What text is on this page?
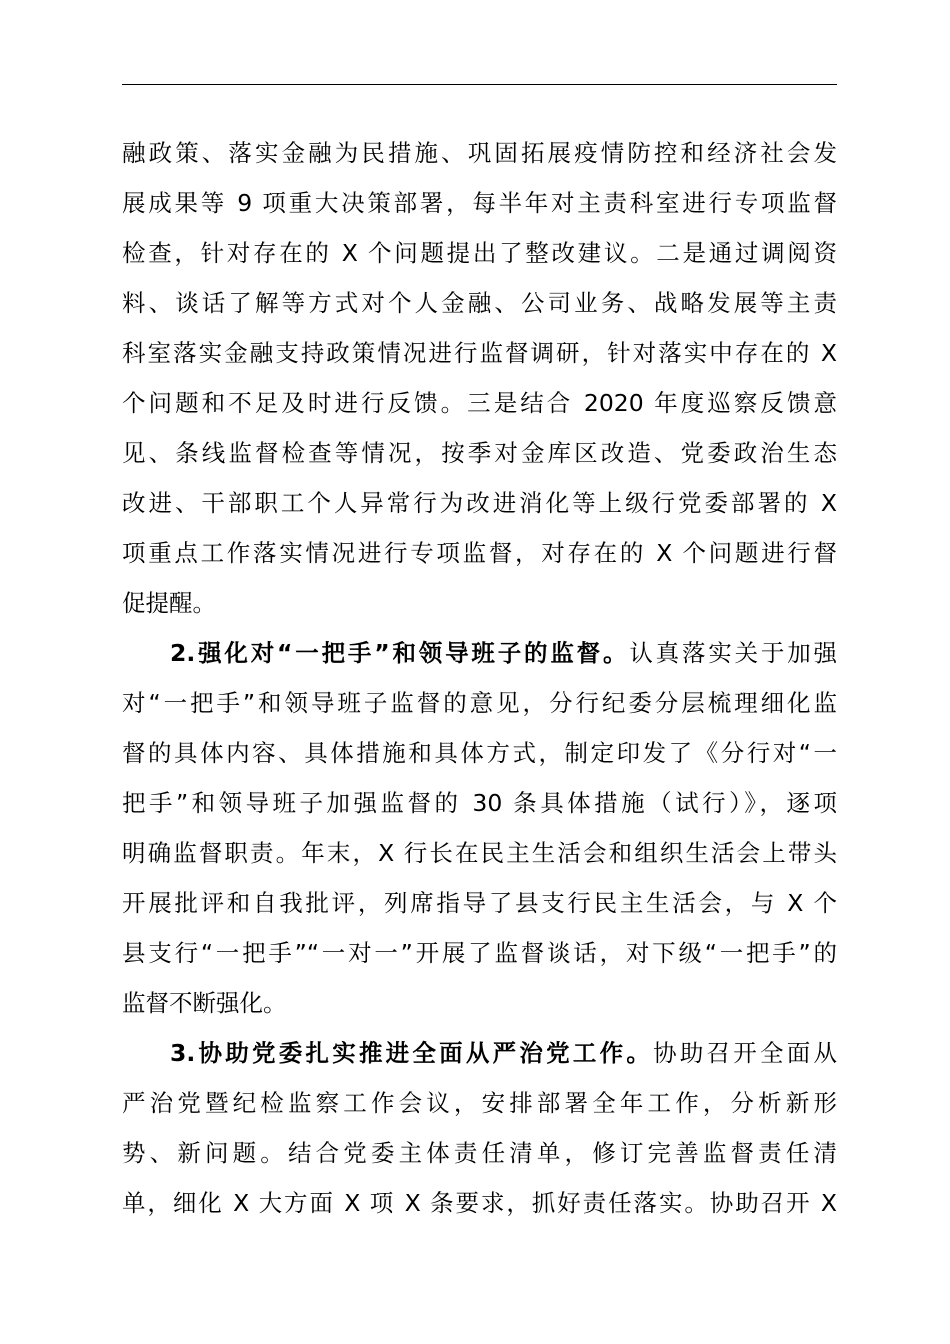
融政策、落实金融为民措施、巩固拓展疫情防控和经济社会发
展成果等 9 项重大决策部署，每半年对主责科室进行专项监督
检查，针对存在的 X 个问题提出了整改建议。二是通过调阅资
料、谈话了解等方式对个人金融、公司业务、战略发展等主责
科室落实金融支持政策情况进行监督调研，针对落实中存在的 X
个问题和不足及时进行反馈。三是结合 2020 年度巡察反馈意
见、条线监督检查等情况，按季对金库区改造、党委政治生态
改进、干部职工个人异常行为改进消化等上级行党委部署的 X
项重点工作落实情况进行专项监督，对存在的 X 个问题进行督
促提醒。
2.强化对“一把手”和领导班子的监督。认真落实关于加强
对“一把手”和领导班子监督的意见，分行纪委分层梳理细化监
督的具体内容、具体措施和具体方式，制定印发了《分行对“一
把手”和领导班子加强监督的 30 条具体措施（试行）》，逐项
明确监督职责。年末，X 行长在民主生活会和组织生活会上带头
开展批评和自我批评，列席指导了县支行民主生活会，与 X 个
县支行“一把手”“一对一”开展了监督谈话，对下级“一把手”的
监督不断强化。
3.协助党委扎实推进全面从严治党工作。协助召开全面从
严治党暨纪检监察工作会议，安排部署全年工作，分析新形
势、新问题。结合党委主体责任清单，修订完善监督责任清
单，细化 X 大方面 X 项 X 条要求，抓好责任落实。协助召开 X
